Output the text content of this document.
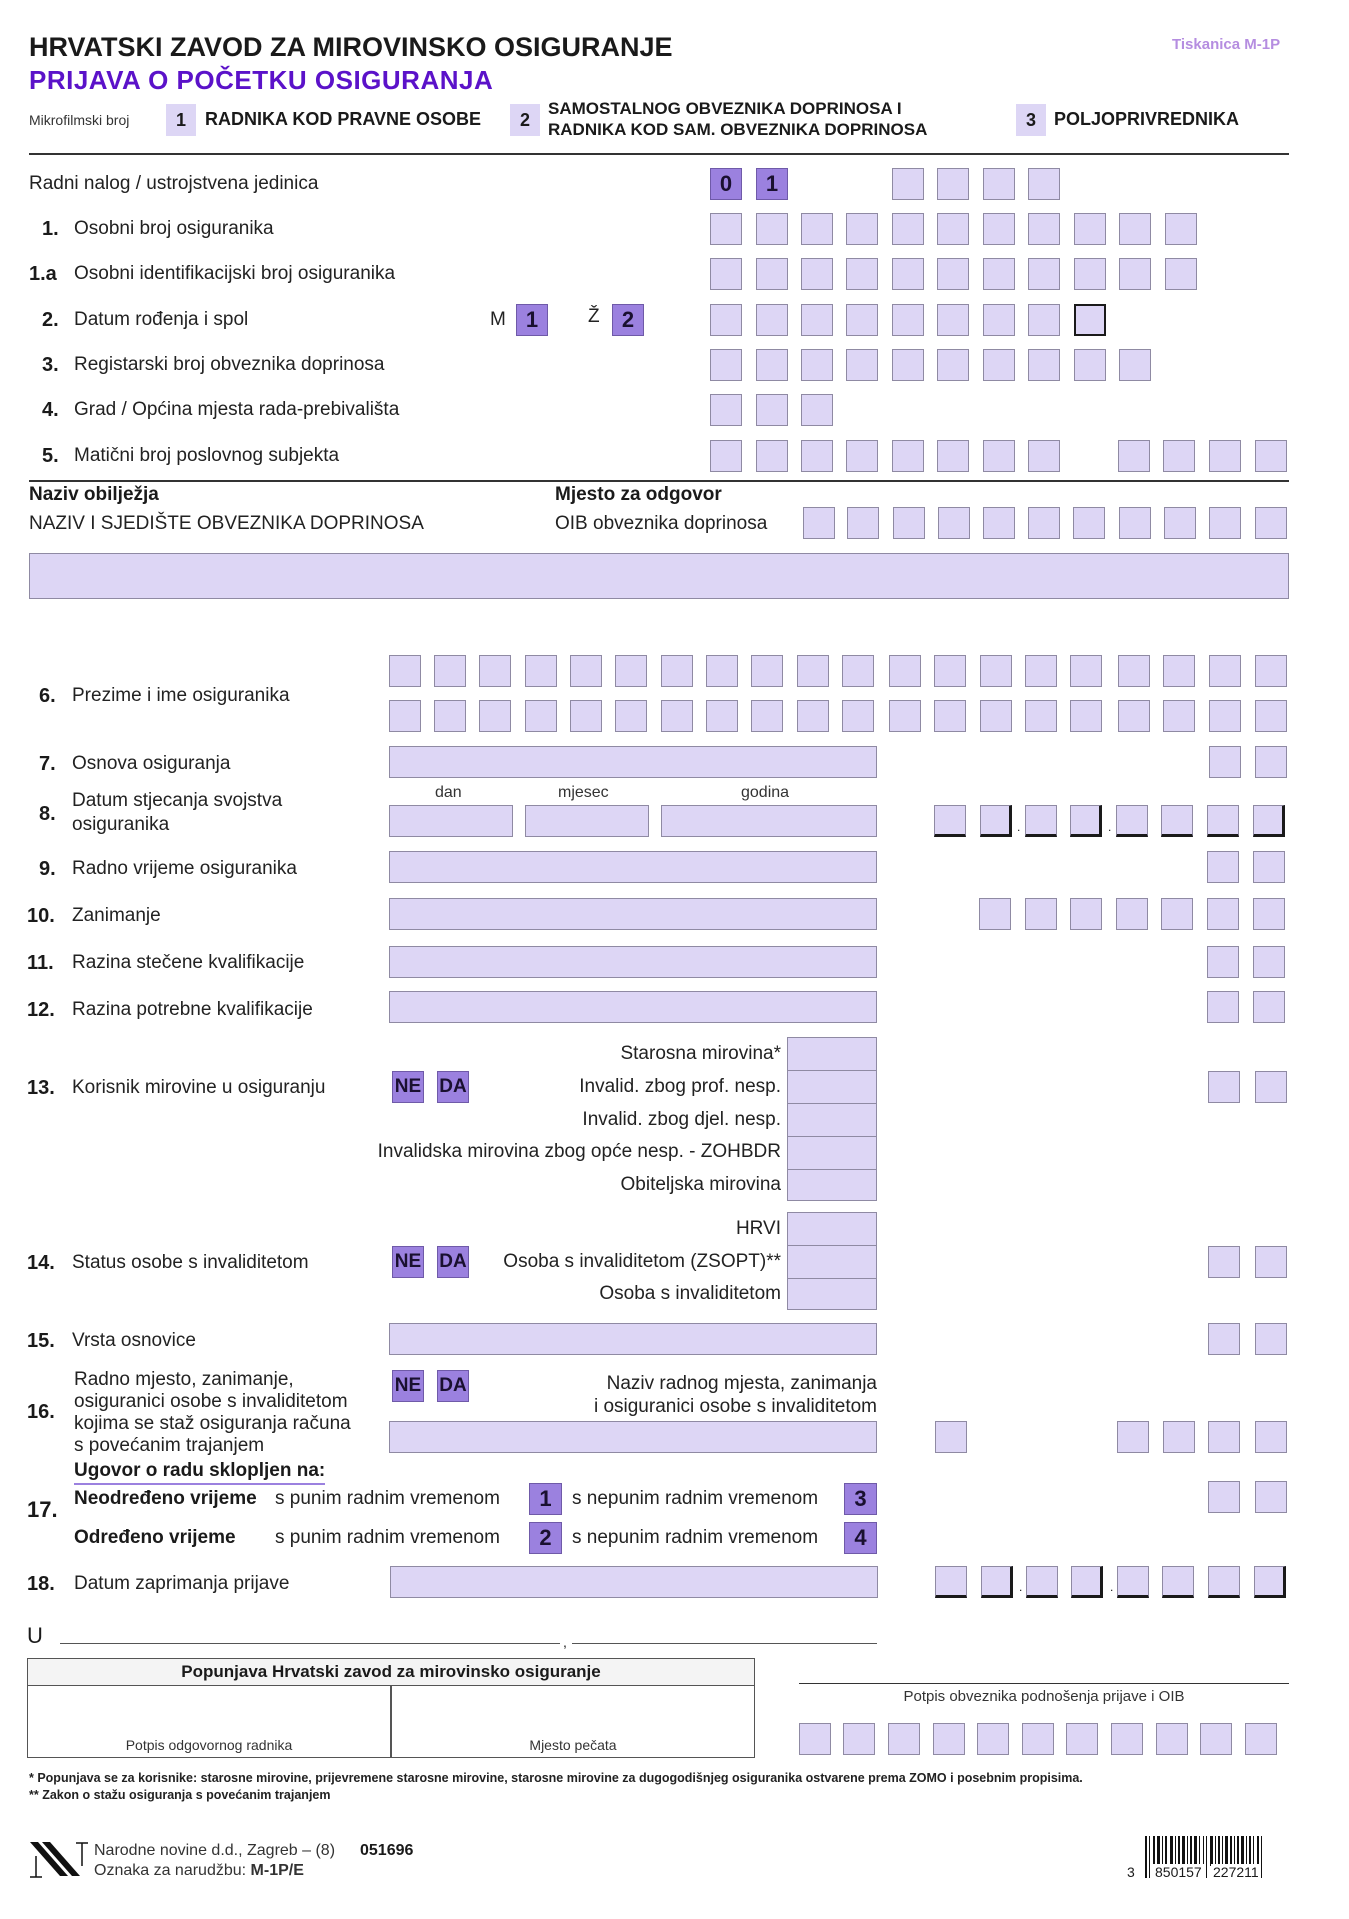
HRVATSKI ZAVOD ZA MIROVINSKO OSIGURANJE
PRIJAVA O POČETKU OSIGURANJA
Tiskanica M-1P
Mikrofilmski broj	1	RADNIKA KOD PRAVNE OSOBE	2
SAMOSTALNOG OBVEZNIKA DOPRINOSA I
RADNIKA KOD SAM. OBVEZNIKA DOPRINOSA	3	POLJOPRIVREDNIKA
Radni nalog / ustrojstvena jedinica	0	1
1. Osobni broj osiguranika
1.a Osobni identifikacijski broj osiguranika
2. Datum rođenja i spol	M 1	Ž	2
3. Registarski broj obveznika doprinosa
4. Grad / Općina mjesta rada-prebivališta
5. Matični broj poslovnog subjekta
Naziv obilježja
NAZIV I SJEDIŠTE OBVEZNIKA DOPRINOSA
Mjesto za odgovor
OIB obveznika doprinosa
6. Prezime i ime osiguranika
7. Osnova osiguranja
8.
Datum stjecanja svojstva
osiguranika
dan	mjesec	godina
.	.
9. Radno vrijeme osiguranika
10. Zanimanje
11. Razina stečene kvalifikacije
12. Razina potrebne kvalifikacije
13. Korisnik mirovine u osiguranju	NE DA
Starosna mirovina*
Invalid. zbog prof. nesp.
Invalid. zbog djel. nesp.
Invalidska mirovina zbog opće nesp. - ZOHBDR
Obiteljska mirovina
14. Status osobe s invaliditetom	NE DA
HRVI
Osoba s invaliditetom (ZSOPT)**
Osoba s invaliditetom
15. Vrsta osnovice
16.
Radno mjesto, zanimanje,
osiguranici osobe s invaliditetom
kojima se staž osiguranja računa
s povećanim trajanjem
NE DA	Naziv radnog mjesta, zanimanja
i osiguranici osobe s invaliditetom
Ugovor o radu sklopljen na:
17. Neodređeno vrijeme s punim radnim vremenom	1	s nepunim radnim vremenom	3
Određeno vrijeme s punim radnim vremenom	2	s nepunim radnim vremenom	4
18. Datum zaprimanja prijave	.	.
U	,
Popunjava Hrvatski zavod za mirovinsko osiguranje
Potpis odgovornog radnika	Mjesto pečata
Potpis obveznika podnošenja prijave i OIB
* Popunjava se za korisnike: starosne mirovine, prijevremene starosne mirovine, starosne mirovine za dugogodišnjeg osiguranika ostvarene prema ZOMO i posebnim propisima.
** Zakon o stažu osiguranja s povećanim trajanjem
Narodne novine d.d., Zagreb – (8) 051696
Oznaka za narudžbu: M-1P/E	3 850157 227211
